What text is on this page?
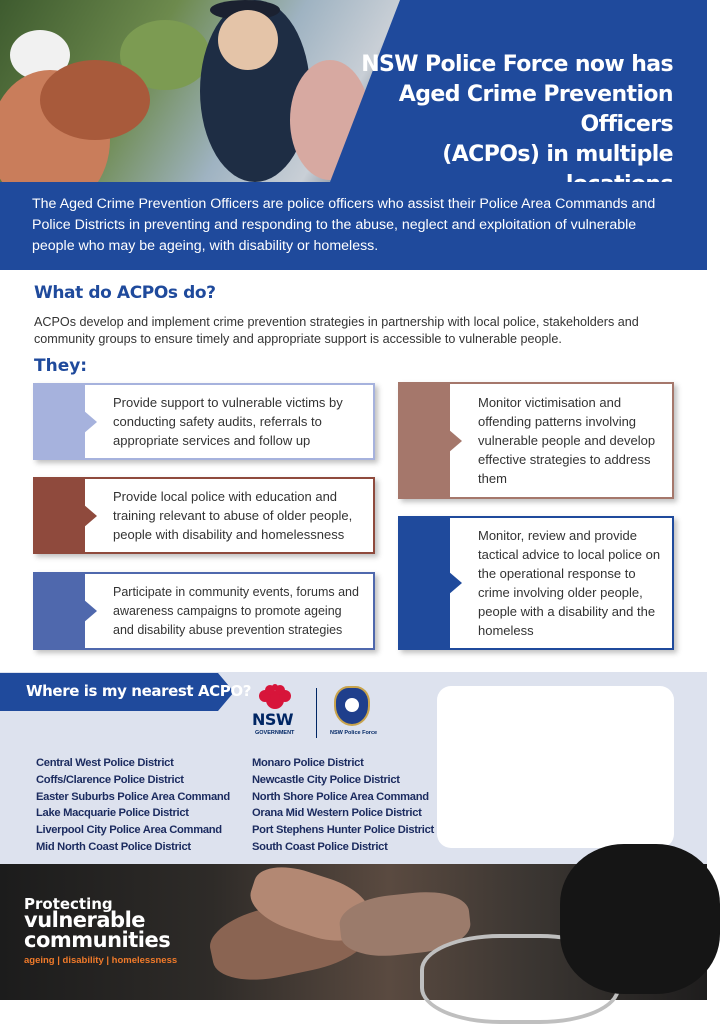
NSW Police Force now has
Aged Crime Prevention Officers
(ACPOs) in multiple
The Aged Crime Prevention Officers are police officers who assist their Police Area Commands and Police Districts in preventing and responding to the abuse, neglect and exploitation of vulnerable people who may be ageing, with disability or homeless.
What do ACPOs do?
ACPOs develop and implement crime prevention strategies in partnership with local police, stakeholders and community groups to ensure timely and appropriate support is accessible to vulnerable people.
They:
Provide support to vulnerable victims by conducting safety audits, referrals to appropriate services and follow up
Provide local police with education and training relevant to abuse of older people, people with disability and homelessness
Participate in community events, forums and awareness campaigns to promote ageing and disability abuse prevention strategies
Monitor victimisation and offending patterns involving vulnerable people and develop effective strategies to address them
Monitor, review and provide tactical advice to local police on the operational response to crime involving older people, people with a disability and the homeless
Where is my nearest ACPO?
NSW
GOVERNMENT	NSW Police Force
Central West Police District
Coffs/Clarence Police District
Easter Suburbs Police Area Command
Lake Macquarie Police District
Liverpool City Police Area Command
Mid North Coast Police District
Monaro Police District
Newcastle City Police District
North Shore Police Area Command
Orana Mid Western Police District
Port Stephens Hunter Police District
South Coast Police District
Protecting
vulnerable
communities
ageing | disability | homelessness
